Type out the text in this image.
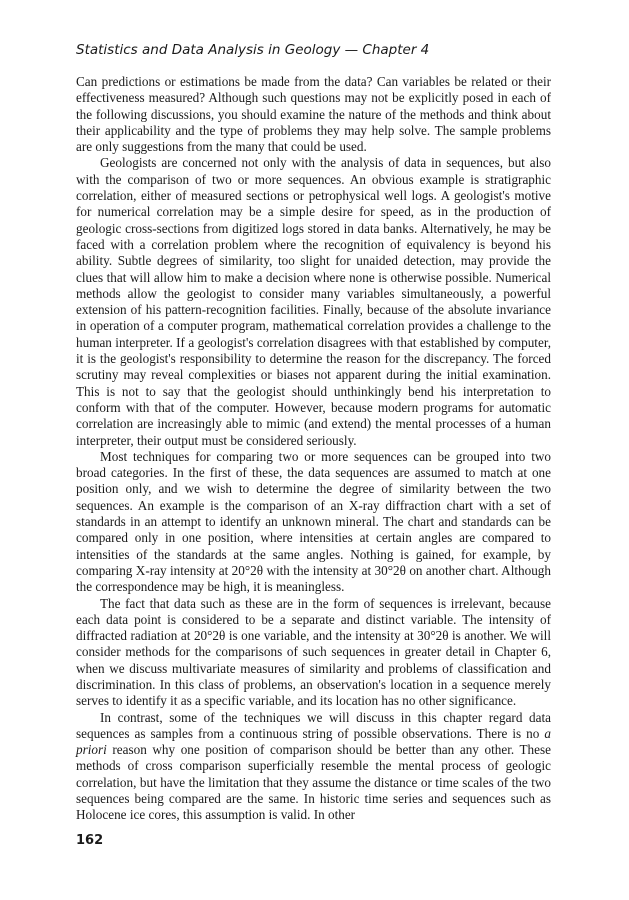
Statistics and Data Analysis in Geology — Chapter 4

Can predictions or estimations be made from the data? Can variables be related or their effectiveness measured? Although such questions may not be explicitly posed in each of the following discussions, you should examine the nature of the methods and think about their applicability and the type of problems they may help solve. The sample problems are only suggestions from the many that could be used.

Geologists are concerned not only with the analysis of data in sequences, but also with the comparison of two or more sequences. An obvious example is stratigraphic correlation, either of measured sections or petrophysical well logs. A geologist's motive for numerical correlation may be a simple desire for speed, as in the production of geologic cross-sections from digitized logs stored in data banks. Alternatively, he may be faced with a correlation problem where the recognition of equivalency is beyond his ability. Subtle degrees of similarity, too slight for unaided detection, may provide the clues that will allow him to make a decision where none is otherwise possible. Numerical methods allow the geologist to consider many variables simultaneously, a powerful extension of his pattern-recognition facilities. Finally, because of the absolute invariance in operation of a computer program, mathematical correlation provides a challenge to the human interpreter. If a geologist's correlation disagrees with that established by computer, it is the geologist's responsibility to determine the reason for the discrepancy. The forced scrutiny may reveal complexities or biases not apparent during the initial examination. This is not to say that the geologist should unthinkingly bend his interpretation to conform with that of the computer. However, because modern programs for automatic correlation are increasingly able to mimic (and extend) the mental processes of a human interpreter, their output must be considered seriously.

Most techniques for comparing two or more sequences can be grouped into two broad categories. In the first of these, the data sequences are assumed to match at one position only, and we wish to determine the degree of similarity between the two sequences. An example is the comparison of an X-ray diffraction chart with a set of standards in an attempt to identify an unknown mineral. The chart and standards can be compared only in one position, where intensities at certain angles are compared to intensities of the standards at the same angles. Nothing is gained, for example, by comparing X-ray intensity at 20°2θ with the intensity at 30°2θ on another chart. Although the correspondence may be high, it is meaningless.

The fact that data such as these are in the form of sequences is irrelevant, because each data point is considered to be a separate and distinct variable. The intensity of diffracted radiation at 20°2θ is one variable, and the intensity at 30°2θ is another. We will consider methods for the comparisons of such sequences in greater detail in Chapter 6, when we discuss multivariate measures of similarity and problems of classification and discrimination. In this class of problems, an observation's location in a sequence merely serves to identify it as a specific variable, and its location has no other significance.

In contrast, some of the techniques we will discuss in this chapter regard data sequences as samples from a continuous string of possible observations. There is no a priori reason why one position of comparison should be better than any other. These methods of cross comparison superficially resemble the mental process of geologic correlation, but have the limitation that they assume the distance or time scales of the two sequences being compared are the same. In historic time series and sequences such as Holocene ice cores, this assumption is valid. In other

162
